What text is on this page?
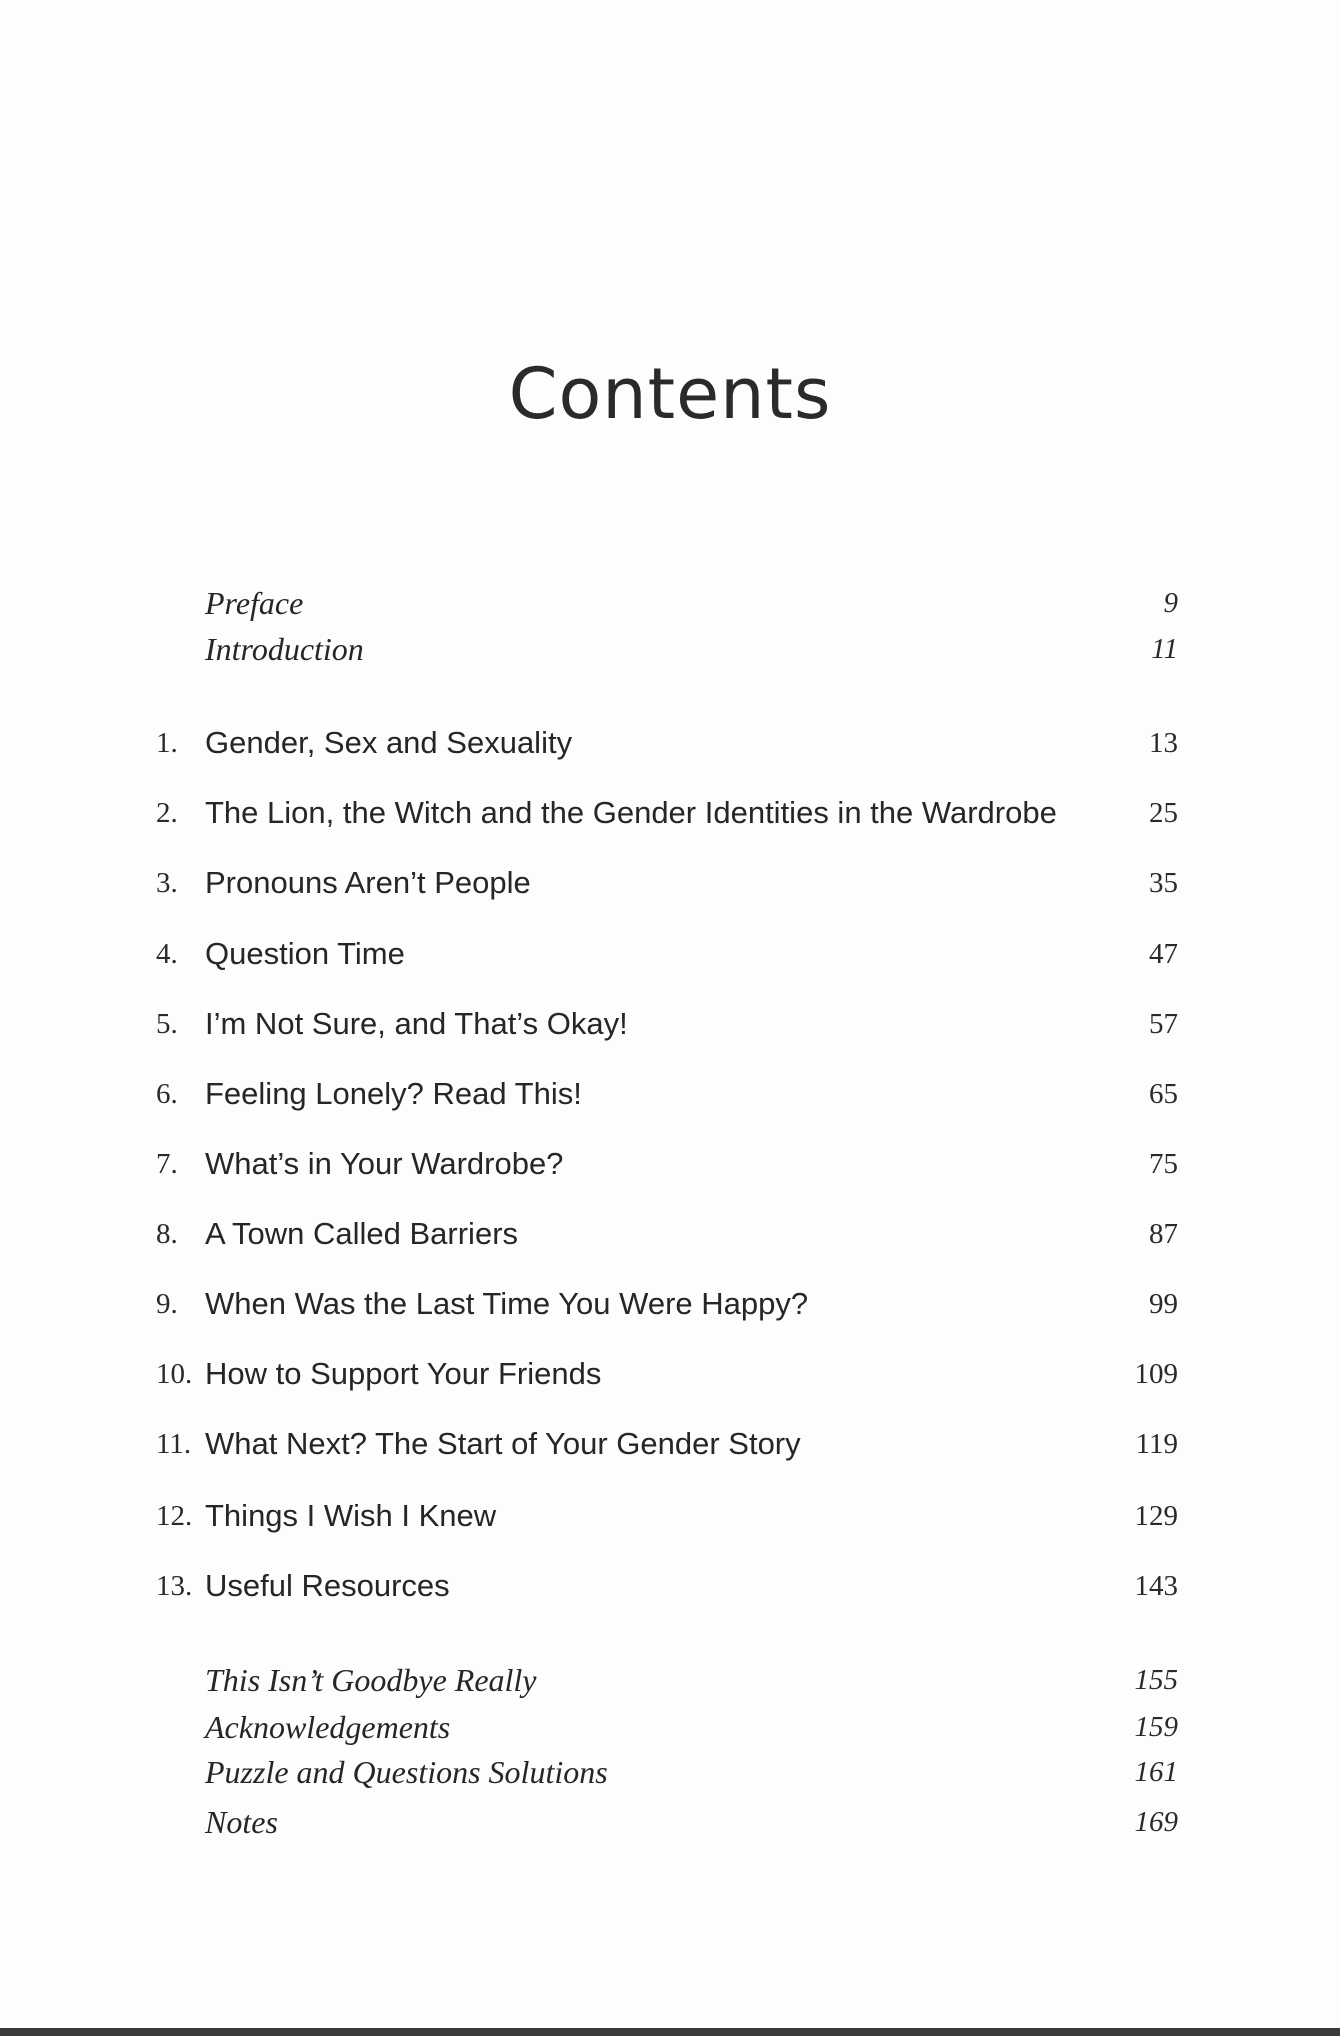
Contents
Preface	9
Introduction	11
1. Gender, Sex and Sexuality	13
2. The Lion, the Witch and the Gender Identities in the Wardrobe	25
3. Pronouns Aren’t People	35
4. Question Time	47
5. I’m Not Sure, and That’s Okay!	57
6. Feeling Lonely? Read This!	65
7. What’s in Your Wardrobe?	75
8. A Town Called Barriers	87
9. When Was the Last Time You Were Happy?	99
10. How to Support Your Friends	109
11. What Next? The Start of Your Gender Story	119
12. Things I Wish I Knew	129
13. Useful Resources	143
This Isn’t Goodbye Really	155
Acknowledgements	159
Puzzle and Questions Solutions	161
Notes	169
